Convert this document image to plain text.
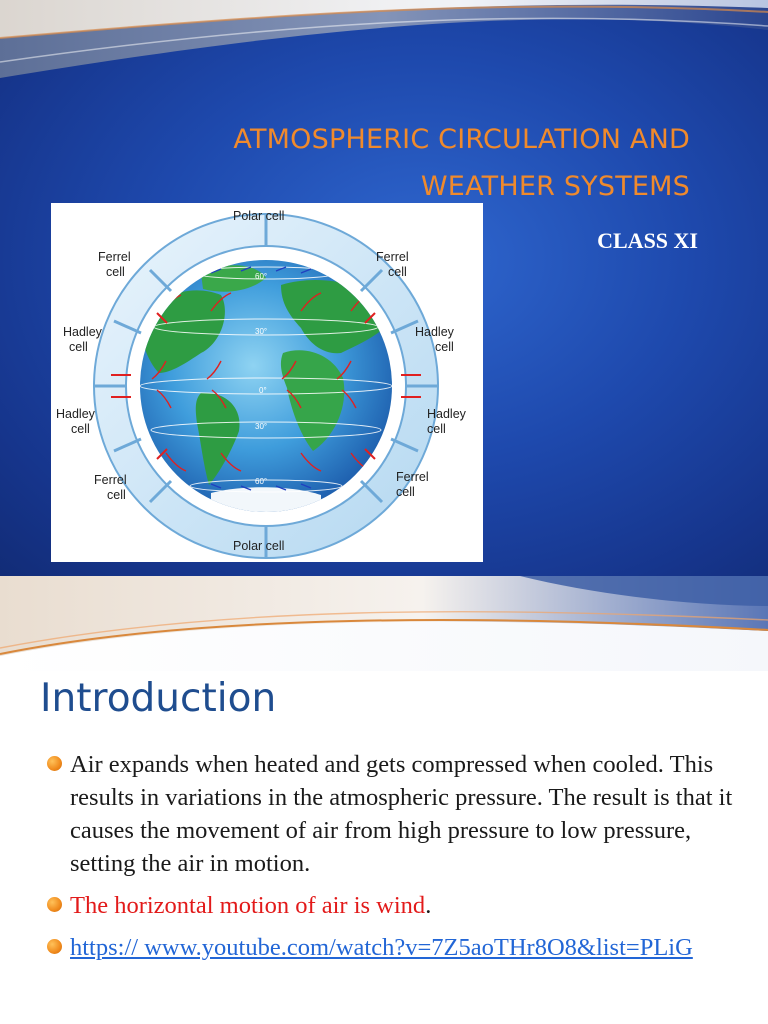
ATMOSPHERIC CIRCULATION AND
WEATHER SYSTEMS
CLASS XI
60°
30°
0°
30°
60°
Polar cell
Polar cell
Ferrel
cell
Hadley
cell
Hadley
cell
Ferrel
cell
Ferrel
cell
Hadley
cell
Hadley
cell
Ferrel
cell
Introduction
Air expands when heated and gets compressed when cooled. This results in variations in the atmospheric pressure. The result is that it causes the movement of air from high pressure to low pressure, setting the air in motion.
The horizontal motion of air is wind.
https:// www.youtube.com/watch?v=7Z5aoTHr8O8&list=PLiG
